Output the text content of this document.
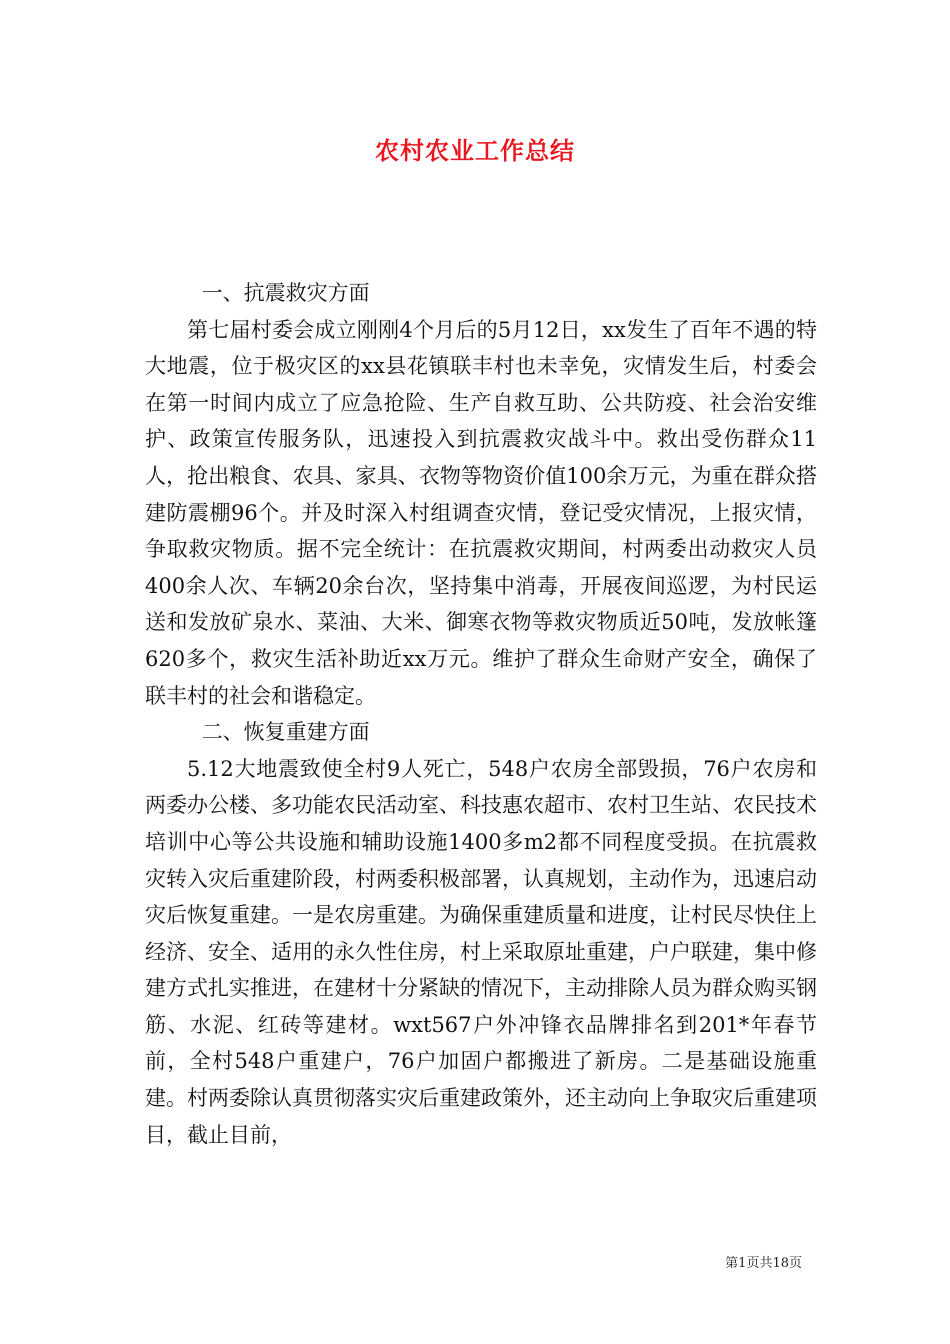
农村农业工作总结

一、抗震救灾方面

第七届村委会成立刚刚4个月后的5月12日，xx发生了百年不遇的特大地震，位于极灾区的xx县花镇联丰村也未幸免，灾情发生后，村委会在第一时间内成立了应急抢险、生产自救互助、公共防疫、社会治安维护、政策宣传服务队，迅速投入到抗震救灾战斗中。救出受伤群众11人，抢出粮食、农具、家具、衣物等物资价值100余万元，为重在群众搭建防震棚96个。并及时深入村组调查灾情，登记受灾情况，上报灾情，争取救灾物质。据不完全统计：在抗震救灾期间，村两委出动救灾人员400余人次、车辆20余台次，坚持集中消毒，开展夜间巡逻，为村民运送和发放矿泉水、菜油、大米、御寒衣物等救灾物质近50吨，发放帐篷620多个，救灾生活补助近xx万元。维护了群众生命财产安全，确保了联丰村的社会和谐稳定。

二、恢复重建方面

5.12大地震致使全村9人死亡，548户农房全部毁损，76户农房和两委办公楼、多功能农民活动室、科技惠农超市、农村卫生站、农民技术培训中心等公共设施和辅助设施1400多m2都不同程度受损。在抗震救灾转入灾后重建阶段，村两委积极部署，认真规划，主动作为，迅速启动灾后恢复重建。一是农房重建。为确保重建质量和进度，让村民尽快住上经济、安全、适用的永久性住房，村上采取原址重建，户户联建，集中修建方式扎实推进，在建材十分紧缺的情况下，主动排除人员为群众购买钢筋、水泥、红砖等建材。wxt567户外冲锋衣品牌排名到201*年春节前，全村548户重建户，76户加固户都搬进了新房。二是基础设施重建。村两委除认真贯彻落实灾后重建政策外，还主动向上争取灾后重建项目，截止目前，

第1页共18页
